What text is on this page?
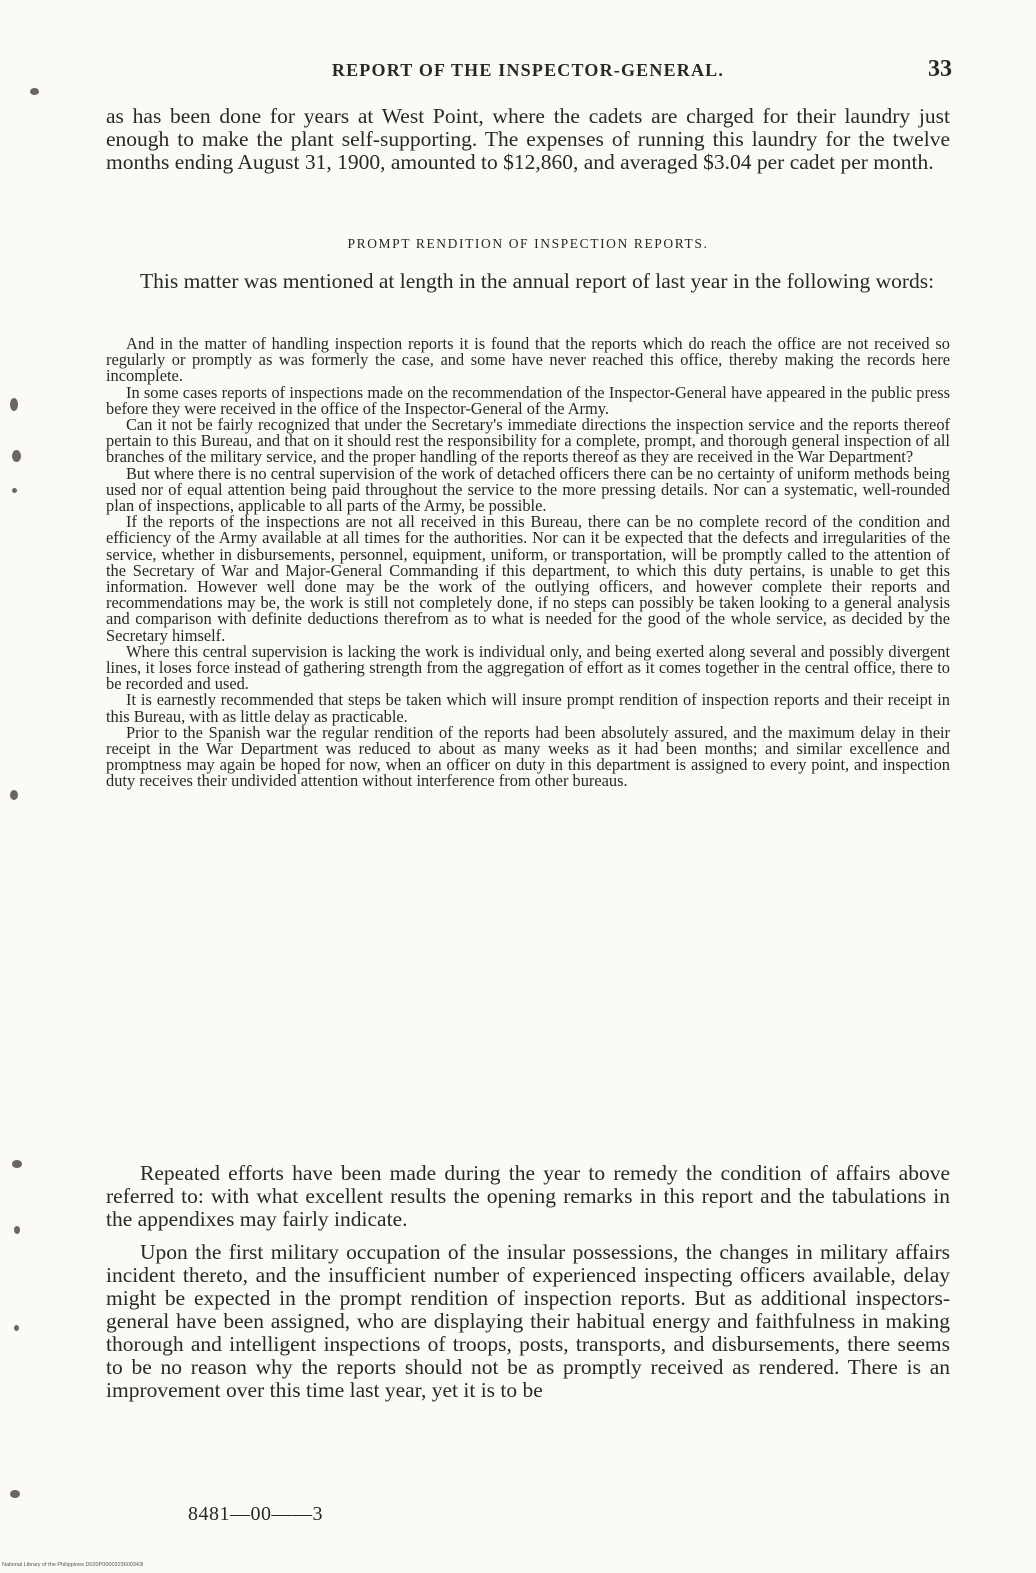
REPORT OF THE INSPECTOR-GENERAL.	33

as has been done for years at West Point, where the cadets are charged for their laundry just enough to make the plant self-supporting. The expenses of running this laundry for the twelve months ending August 31, 1900, amounted to $12,860, and averaged $3.04 per cadet per month.

PROMPT RENDITION OF INSPECTION REPORTS.

This matter was mentioned at length in the annual report of last year in the following words:

And in the matter of handling inspection reports it is found that the reports which do reach the office are not received so regularly or promptly as was formerly the case, and some have never reached this office, thereby making the records here incomplete.

In some cases reports of inspections made on the recommendation of the Inspector-General have appeared in the public press before they were received in the office of the Inspector-General of the Army.

Can it not be fairly recognized that under the Secretary's immediate directions the inspection service and the reports thereof pertain to this Bureau, and that on it should rest the responsibility for a complete, prompt, and thorough general inspection of all branches of the military service, and the proper handling of the reports thereof as they are received in the War Department?

But where there is no central supervision of the work of detached officers there can be no certainty of uniform methods being used nor of equal attention being paid throughout the service to the more pressing details. Nor can a systematic, well-rounded plan of inspections, applicable to all parts of the Army, be possible.

If the reports of the inspections are not all received in this Bureau, there can be no complete record of the condition and efficiency of the Army available at all times for the authorities. Nor can it be expected that the defects and irregularities of the service, whether in disbursements, personnel, equipment, uniform, or transportation, will be promptly called to the attention of the Secretary of War and Major-General Commanding if this department, to which this duty pertains, is unable to get this information. However well done may be the work of the outlying officers, and however complete their reports and recommendations may be, the work is still not completely done, if no steps can possibly be taken looking to a general analysis and comparison with definite deductions therefrom as to what is needed for the good of the whole service, as decided by the Secretary himself.

Where this central supervision is lacking the work is individual only, and being exerted along several and possibly divergent lines, it loses force instead of gathering strength from the aggregation of effort as it comes together in the central office, there to be recorded and used.

It is earnestly recommended that steps be taken which will insure prompt rendition of inspection reports and their receipt in this Bureau, with as little delay as practicable.

Prior to the Spanish war the regular rendition of the reports had been absolutely assured, and the maximum delay in their receipt in the War Department was reduced to about as many weeks as it had been months; and similar excellence and promptness may again be hoped for now, when an officer on duty in this department is assigned to every point, and inspection duty receives their undivided attention without interference from other bureaus.

Repeated efforts have been made during the year to remedy the condition of affairs above referred to: with what excellent results the opening remarks in this report and the tabulations in the appendixes may fairly indicate.

Upon the first military occupation of the insular possessions, the changes in military affairs incident thereto, and the insufficient number of experienced inspecting officers available, delay might be expected in the prompt rendition of inspection reports. But as additional inspectors-general have been assigned, who are displaying their habitual energy and faithfulness in making thorough and intelligent inspections of troops, posts, transports, and disbursements, there seems to be no reason why the reports should not be as promptly received as rendered. There is an improvement over this time last year, yet it is to be

8481—00——3
National Library of the Philippines D020P0000323600343l
